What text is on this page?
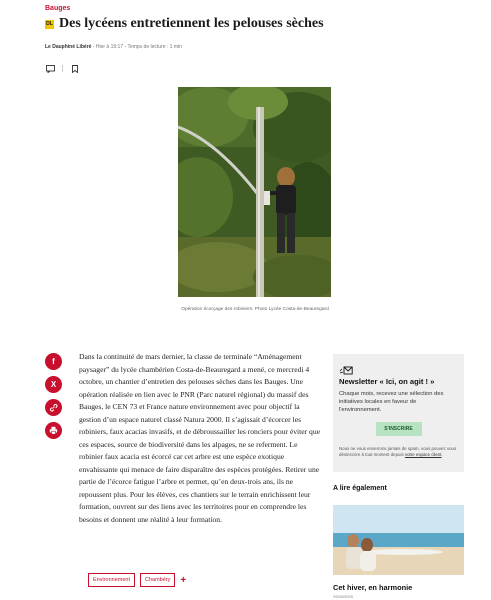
Bauges
DL Des lycéens entretiennent les pelouses sèches
Le Dauphiné Libéré - Hier à 19:17 - Temps de lecture : 1 min
Opération écorçage des robiniers. Photo Lycée Costa-de-Beauregard
f
X

Dans la continuité de mars dernier, la classe de terminale “Aménagement paysager” du lycée chambérien Costa-de-Beauregard a mené, ce mercredi 4 octobre, un chantier d’entretien des pelouses sèches dans les Bauges. Une opération réalisée en lien avec le PNR (Parc naturel régional) du massif des Bauges, le CEN 73 et France nature environnement avec pour objectif la gestion d’un espace naturel classé Natura 2000. Il s’agissait d’écorcer les robiniers, faux acacias invasifs, et de débroussailler les ronciers pour éviter que ces espaces, source de biodiversité dans les alpages, ne se referment. Le robinier faux acacia est écorcé car cet arbre est une espèce exotique envahissante qui menace de faire disparaître des espèces protégées. Retirer une partie de l’écorce fatigue l’arbre et permet, qu’en deux-trois ans, ils ne repoussent plus. Pour les élèves, ces chantiers sur le terrain enrichissent leur formation, ouvrent sur des liens avec les territoires pour en comprendre les besoins et donnent une réalité à leur formation.

Environnement	Chambéry	+
Newsletter « Ici, on agit ! »
Chaque mois, recevez une sélection des initiatives locales en faveur de l'environnement.
S'INSCRIRE
Nous ne vous enverrons jamais de spam, vous pouvez vous désinscrire à tout moment depuis votre espace client.
A lire également
Cet hiver, en harmonie
Annonces
